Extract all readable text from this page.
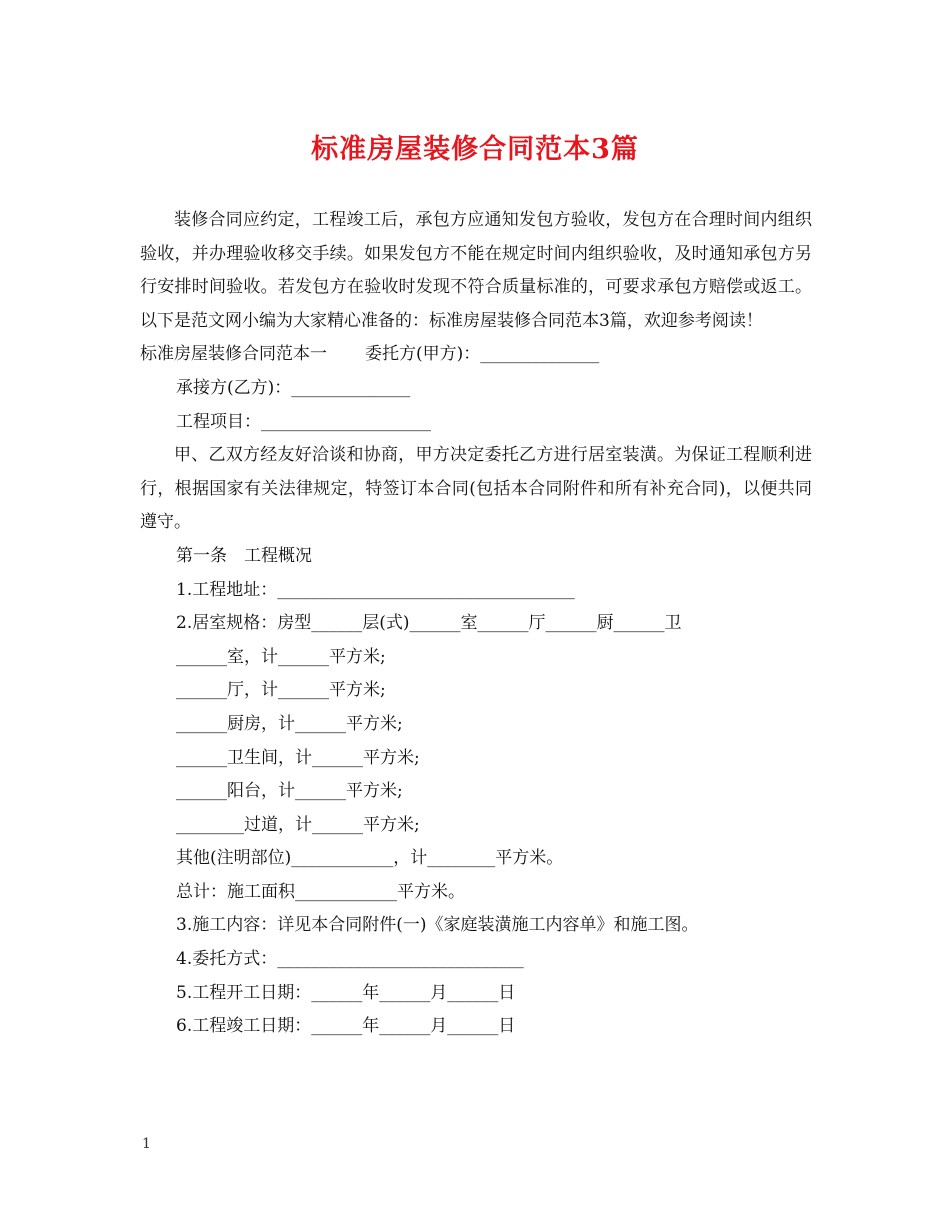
标准房屋装修合同范本3篇

装修合同应约定，工程竣工后，承包方应通知发包方验收，发包方在合理时间内组织验收，并办理验收移交手续。如果发包方不能在规定时间内组织验收，及时通知承包方另行安排时间验收。若发包方在验收时发现不符合质量标准的，可要求承包方赔偿或返工。以下是范文网小编为大家精心准备的：标准房屋装修合同范本3篇，欢迎参考阅读！

标准房屋装修合同范本一 委托方(甲方)：______________

承接方(乙方)：______________

工程项目：____________________

甲、乙双方经友好洽谈和协商，甲方决定委托乙方进行居室装潢。为保证工程顺利进行，根据国家有关法律规定，特签订本合同(包括本合同附件和所有补充合同)，以便共同遵守。

第一条　工程概况

1.工程地址：___________________________________

2.居室规格：房型______层(式)______室______厅______厨______卫

______室，计______平方米;

______厅，计______平方米;

______厨房，计______平方米;

______卫生间，计______平方米;

______阳台，计______平方米;

________过道，计______平方米;

其他(注明部位)____________，计________平方米。

总计：施工面积____________平方米。

3.施工内容：详见本合同附件(一)《家庭装潢施工内容单》和施工图。

4.委托方式：_____________________________

5.工程开工日期：______年______月______日

6.工程竣工日期：______年______月______日

1
